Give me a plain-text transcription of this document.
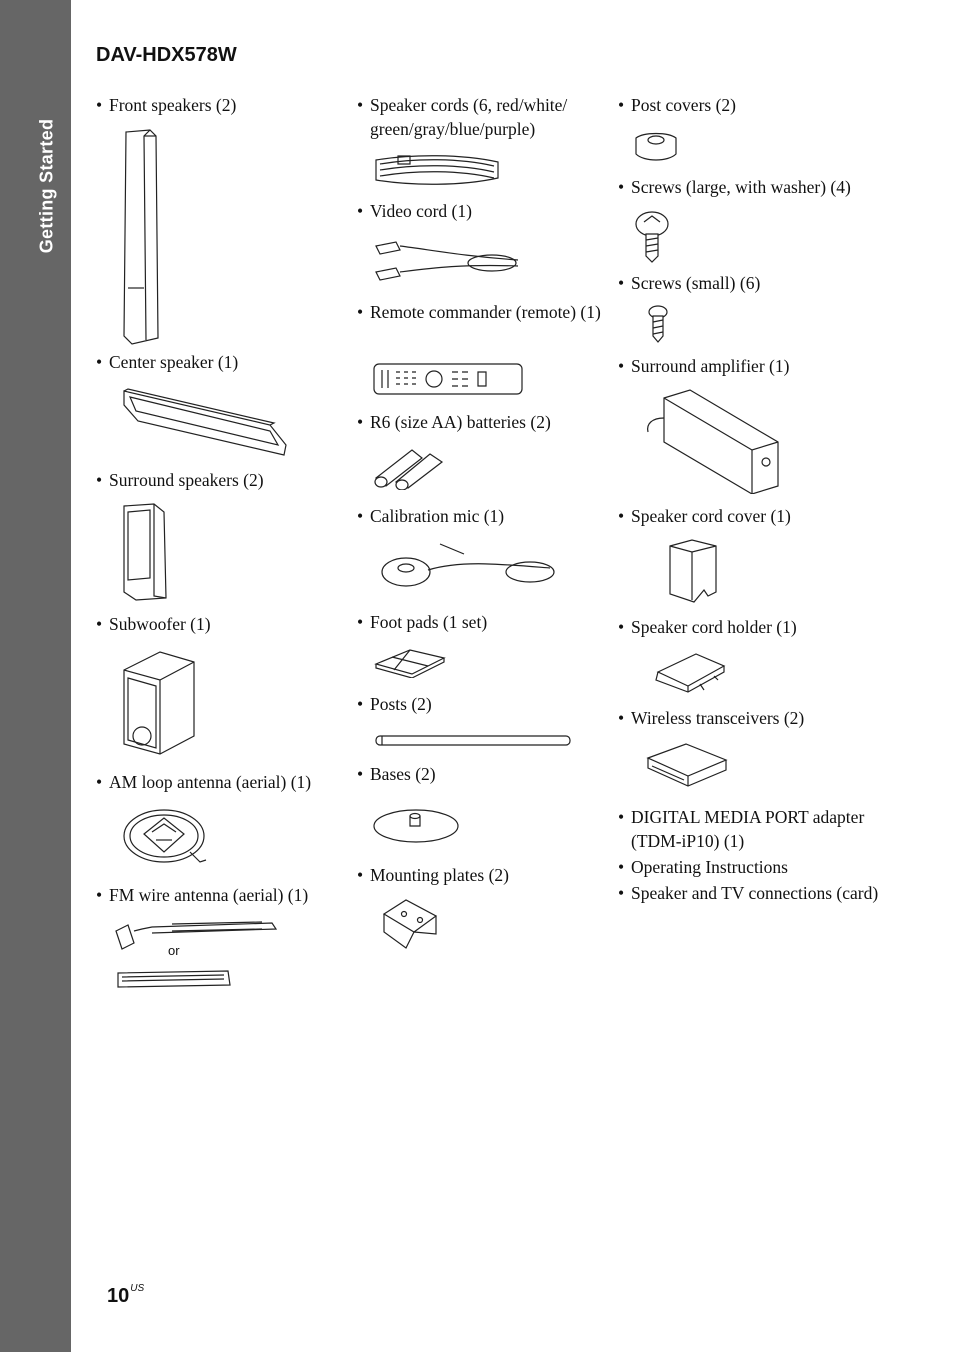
Getting Started
DAV-HDX578W
• Front speakers (2)
• Center speaker (1)
• Surround speakers (2)
• Subwoofer (1)
• AM loop antenna (aerial) (1)
• FM wire antenna (aerial) (1)
or
• Speaker cords (6, red/white/ green/gray/blue/purple)
• Video cord (1)
• Remote commander (remote) (1)
• R6 (size AA) batteries (2)
• Calibration mic (1)
• Foot pads (1 set)
• Posts (2)
• Bases (2)
• Mounting plates (2)
• Post covers (2)
• Screws (large, with washer) (4)
• Screws (small) (6)
• Surround amplifier (1)
• Speaker cord cover (1)
• Speaker cord holder (1)
• Wireless transceivers (2)
• DIGITAL MEDIA PORT adapter (TDM-iP10) (1)
• Operating Instructions
• Speaker and TV connections (card)
$10^{US}$
